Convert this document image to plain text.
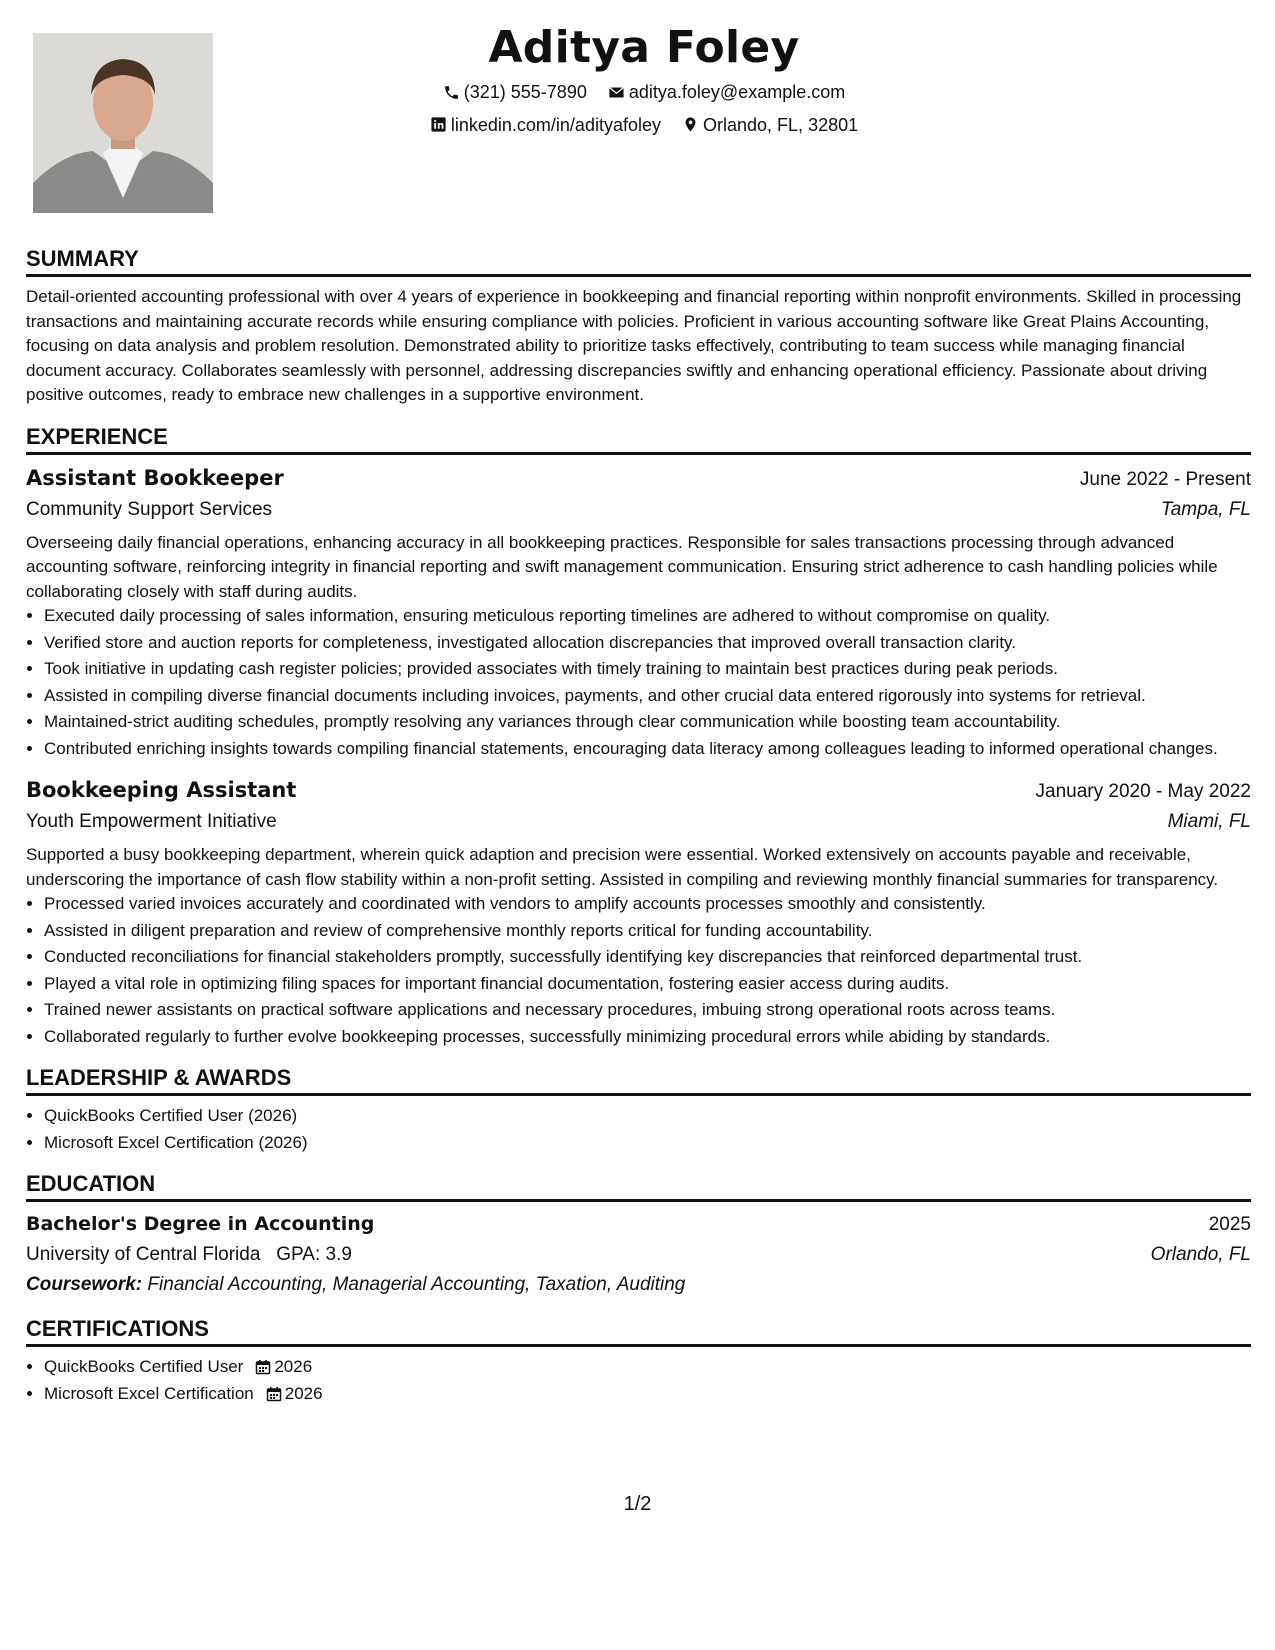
Aditya Foley
(321) 555-7890
aditya.foley@example.com
linkedin.com/in/adityafoley
Orlando, FL, 32801
SUMMARY

Detail-oriented accounting professional with over 4 years of experience in bookkeeping and financial reporting within nonprofit environments. Skilled in processing transactions and maintaining accurate records while ensuring compliance with policies. Proficient in various accounting software like Great Plains Accounting, focusing on data analysis and problem resolution. Demonstrated ability to prioritize tasks effectively, contributing to team success while managing financial document accuracy. Collaborates seamlessly with personnel, addressing discrepancies swiftly and enhancing operational efficiency. Passionate about driving positive outcomes, ready to embrace new challenges in a supportive environment.

EXPERIENCE
Assistant Bookkeeper	June 2022 - Present
Community Support Services	Tampa, FL

Overseeing daily financial operations, enhancing accuracy in all bookkeeping practices. Responsible for sales transactions processing through advanced accounting software, reinforcing integrity in financial reporting and swift management communication. Ensuring strict adherence to cash handling policies while collaborating closely with staff during audits.

• Executed daily processing of sales information, ensuring meticulous reporting timelines are adhered to without compromise on quality.
• Verified store and auction reports for completeness, investigated allocation discrepancies that improved overall transaction clarity.
• Took initiative in updating cash register policies; provided associates with timely training to maintain best practices during peak periods.
• Assisted in compiling diverse financial documents including invoices, payments, and other crucial data entered rigorously into systems for retrieval.
• Maintained-strict auditing schedules, promptly resolving any variances through clear communication while boosting team accountability.
• Contributed enriching insights towards compiling financial statements, encouraging data literacy among colleagues leading to informed operational changes.
Bookkeeping Assistant	January 2020 - May 2022
Youth Empowerment Initiative	Miami, FL

Supported a busy bookkeeping department, wherein quick adaption and precision were essential. Worked extensively on accounts payable and receivable, underscoring the importance of cash flow stability within a non-profit setting. Assisted in compiling and reviewing monthly financial summaries for transparency.

• Processed varied invoices accurately and coordinated with vendors to amplify accounts processes smoothly and consistently.
• Assisted in diligent preparation and review of comprehensive monthly reports critical for funding accountability.
• Conducted reconciliations for financial stakeholders promptly, successfully identifying key discrepancies that reinforced departmental trust.
• Played a vital role in optimizing filing spaces for important financial documentation, fostering easier access during audits.
• Trained newer assistants on practical software applications and necessary procedures, imbuing strong operational roots across teams.
• Collaborated regularly to further evolve bookkeeping processes, successfully minimizing procedural errors while abiding by standards.
LEADERSHIP & AWARDS
• QuickBooks Certified User (2026)
• Microsoft Excel Certification (2026)
EDUCATION
Bachelor's Degree in Accounting	2025
University of Central Florida GPA: 3.9	Orlando, FL
Coursework: Financial Accounting, Managerial Accounting, Taxation, Auditing
CERTIFICATIONS
• QuickBooks Certified User 2026
• Microsoft Excel Certification 2026
1/2
